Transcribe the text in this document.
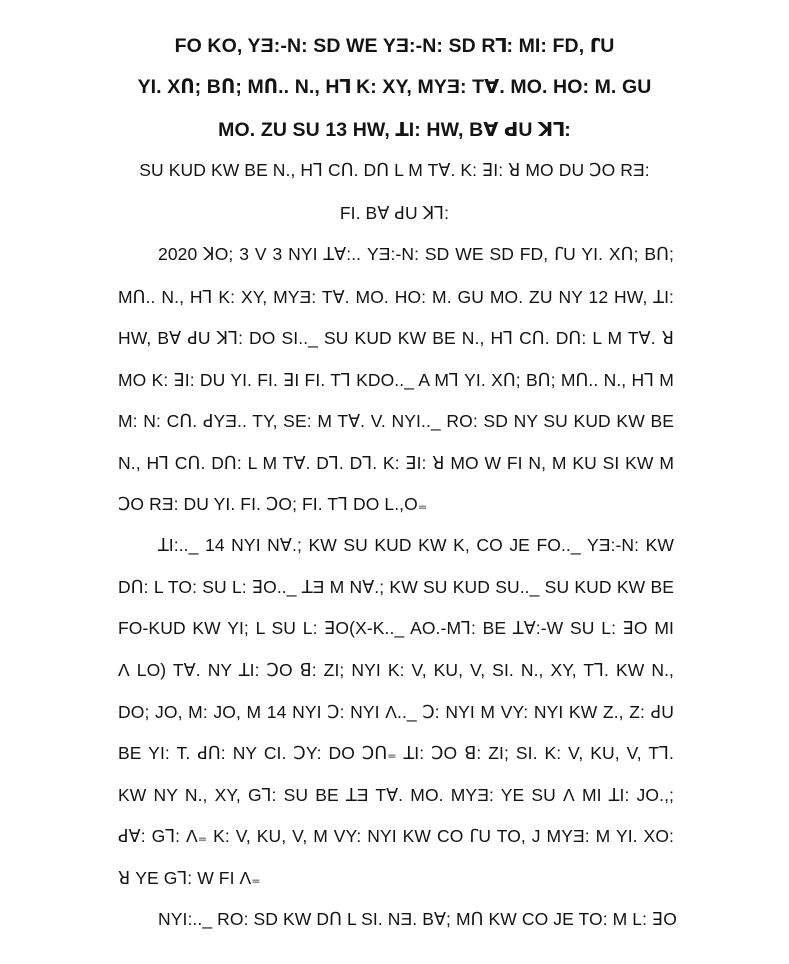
FO KO, YƎ:-N: SD WE YƎ:-N: SD Rꓶ: MI: FD, ꓩU
YI. XՈ; BՈ; MՈ.. N., Hꓶ K: XY, MYƎ: Tꓯ. MO. HO: M. GU
MO. ZU SU 13 HW, ꓕI: HW, Bꓯ ꓒU ꓘꓶ:
SU KUD KW BE N., Hꓶ CՈ. DՈ L M Tꓯ. K: ꓱI: ꓤ MO DU ꓛO RƎ:
FI. Bꓯ ꓒU ꓘꓶ:
2020 ꓘO; 3 V 3 NYI ꓕꓯ:.. YƎ:-N: SD WE SD FD, ꓩU YI. XՈ; BՈ;
MՈ.. N., Hꓶ K: XY, MYƎ: Tꓯ. MO. HO: M. GU MO. ZU NY 12 HW, ꓕI:
HW, Bꓯ ꓒU ꓘꓶ: DO SI.._ SU KUD KW BE N., Hꓶ CՈ. DՈ: L M Tꓯ. ꓤ
MO K: ꓱI: DU YI. FI. ꓱI FI. Tꓶ KDO.._ A Mꓶ YI. XՈ; BՈ; MՈ.. N., Hꓶ M
M: N: CՈ. ꓒYƎ.. TY, SE: M Tꓯ. V. NYI.._ RO: SD NY SU KUD KW BE
N., Hꓶ CՈ. DՈ: L M Tꓯ. Dꓶ. Dꓶ. K: ꓱI: ꓤ MO W FI N, M KU SI KW M
ꓛO RƎ: DU YI. FI. ꓛO; FI. Tꓶ DO L.,O₌
ꓕI:.._ 14 NYI Nꓯ.; KW SU KUD KW K, CO JE FO.._ YƎ:-N: KW
DՈ: L TO: SU L: ꓱO.._ ꓕƎ M Nꓯ.; KW SU KUD SU.._ SU KUD KW BE
FO-KUD KW YI; L SU L: ꓱO(X-K.._ AO.-Mꓶ: BE ꓕꓯ:-W SU L: ꓱO MI
Ʌ LO) Tꓯ. NY ꓕI: ꓛO ꓭ: ZI; NYI K: V, KU, V, SI. N., XY, Tꓶ. KW N.,
DO; JO, M: JO, M 14 NYI ꓛ: NYI Ʌ.._ ꓛ: NYI M VY: NYI KW Z., Z: ꓒU
BE YI: T. ꓒՈ: NY CI. ꓛY: DO ꓛՈ₌ ꓕI: ꓛO ꓭ: ZI; SI. K: V, KU, V, Tꓶ.
KW NY N., XY, Gꓶ: SU BE ꓕƎ Tꓯ. MO. MYƎ: YE SU Ʌ MI ꓕI: JO.,;
ꓒꓯ: Gꓶ: Ʌ₌ K: V, KU, V, M VY: NYI KW CO ꓩU TO, J MYƎ: M YI. XO:
ꓤ YE Gꓶ: W FI Ʌ₌
NYI:.._ RO: SD KW DՈ L SI. NƎ. Bꓯ; MՈ KW CO JE TO: M L: ꓱO
